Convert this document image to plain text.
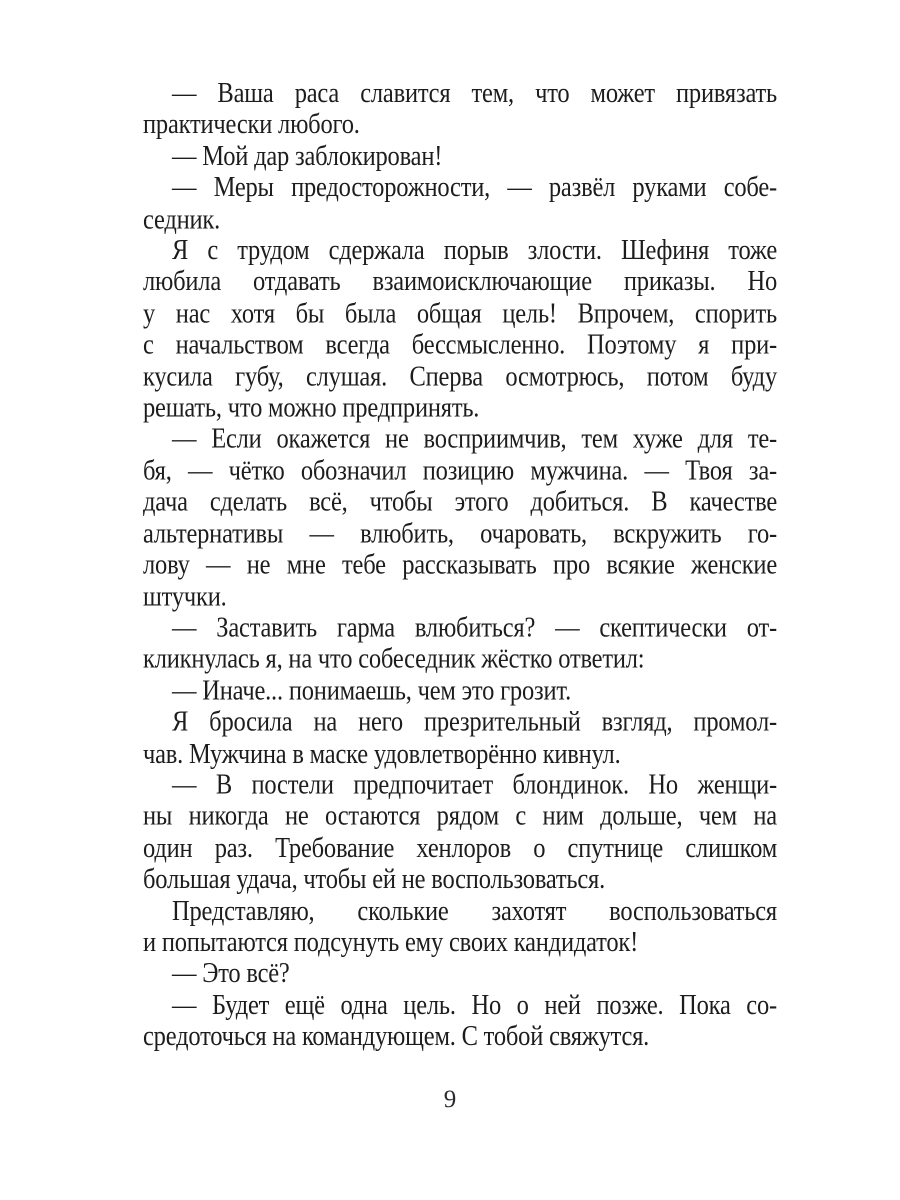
— Ваша раса славится тем, что может привязать
практически любого.
— Мой дар заблокирован!
— Меры предосторожности, — развёл руками собе-
седник.
Я с трудом сдержала порыв злости. Шефиня тоже
любила отдавать взаимоисключающие приказы. Но
у нас хотя бы была общая цель! Впрочем, спорить
с начальством всегда бессмысленно. Поэтому я при-
кусила губу, слушая. Сперва осмотрюсь, потом буду
решать, что можно предпринять.
— Если окажется не восприимчив, тем хуже для те-
бя, — чётко обозначил позицию мужчина. — Твоя за-
дача сделать всё, чтобы этого добиться. В качестве
альтернативы — влюбить, очаровать, вскружить го-
лову — не мне тебе рассказывать про всякие женские
штучки.
— Заставить гарма влюбиться? — скептически от-
кликнулась я, на что собеседник жёстко ответил:
— Иначе... понимаешь, чем это грозит.
Я бросила на него презрительный взгляд, промол-
чав. Мужчина в маске удовлетворённо кивнул.
— В постели предпочитает блондинок. Но женщи-
ны никогда не остаются рядом с ним дольше, чем на
один раз. Требование хенлоров о спутнице слишком
большая удача, чтобы ей не воспользоваться.
Представляю, сколькие захотят воспользоваться
и попытаются подсунуть ему своих кандидаток!
— Это всё?
— Будет ещё одна цель. Но о ней позже. Пока со-
средоточься на командующем. С тобой свяжутся.
9
